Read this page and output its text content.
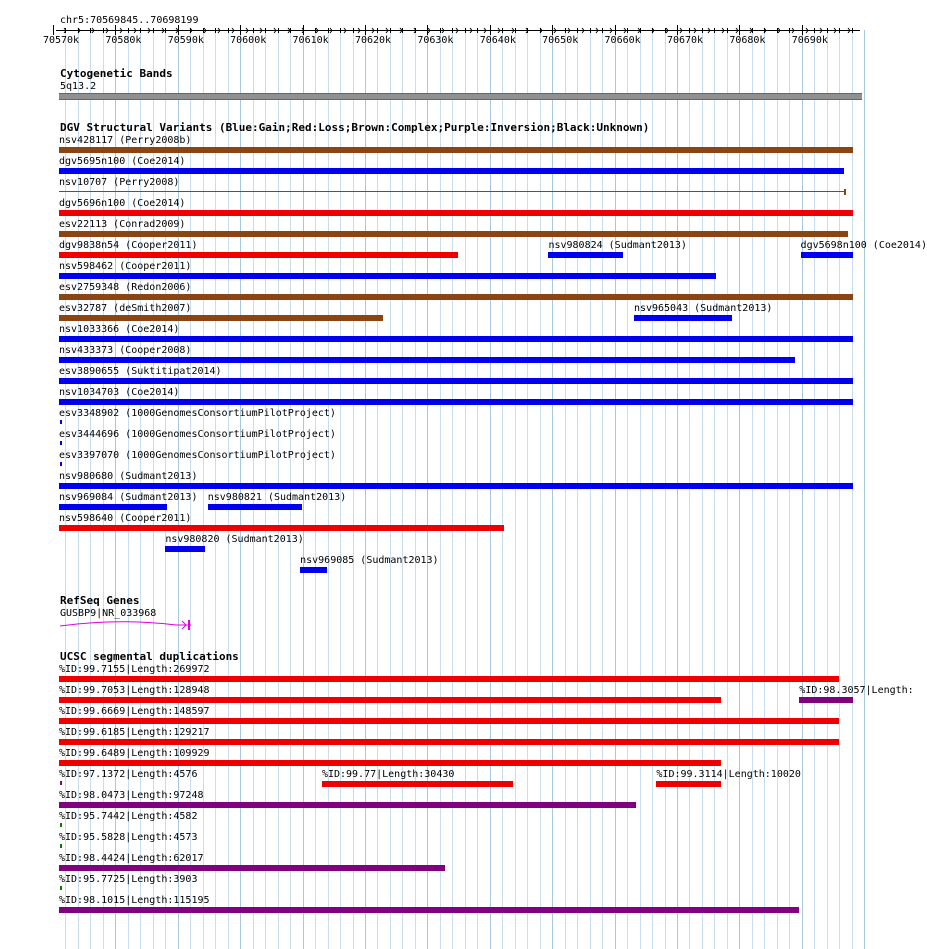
chr5:70569845..70698199
70570k	70580k	70590k	70600k	70610k	70620k	70630k	70640k	70650k	70660k	70670k	70680k	70690k
Cytogenetic Bands
5q13.2
DGV Structural Variants (Blue:Gain;Red:Loss;Brown:Complex;Purple:Inversion;Black:Unknown)
nsv428117 (Perry2008b)
dgv5695n100 (Coe2014)
nsv10707 (Perry2008)
dgv5696n100 (Coe2014)
esv22113 (Conrad2009)
dgv9838n54 (Cooper2011)	nsv980824 (Sudmant2013)	dgv5698n100 (Coe2014)
nsv598462 (Cooper2011)
esv2759348 (Redon2006)
esv32787 (deSmith2007)	nsv965043 (Sudmant2013)
nsv1033366 (Coe2014)
nsv433373 (Cooper2008)
esv3890655 (Suktitipat2014)
nsv1034703 (Coe2014)
esv3348902 (1000GenomesConsortiumPilotProject)
esv3444696 (1000GenomesConsortiumPilotProject)
esv3397070 (1000GenomesConsortiumPilotProject)
nsv980680 (Sudmant2013)
nsv969084 (Sudmant2013) nsv980821 (Sudmant2013)
nsv598640 (Cooper2011)
nsv980820 (Sudmant2013)
nsv969085 (Sudmant2013)
RefSeq Genes
GUSBP9|NR_033968
UCSC segmental duplications
%ID:99.7155|Length:269972
%ID:99.7053|Length:128948	%ID:98.3057|Length:
%ID:99.6669|Length:148597
%ID:99.6185|Length:129217
%ID:99.6489|Length:109929
%ID:97.1372|Length:4576	%ID:99.77|Length:30430	%ID:99.3114|Length:10020
%ID:98.0473|Length:97248
%ID:95.7442|Length:4582
%ID:95.5828|Length:4573
%ID:98.4424|Length:62017
%ID:95.7725|Length:3903
%ID:98.1015|Length:115195
